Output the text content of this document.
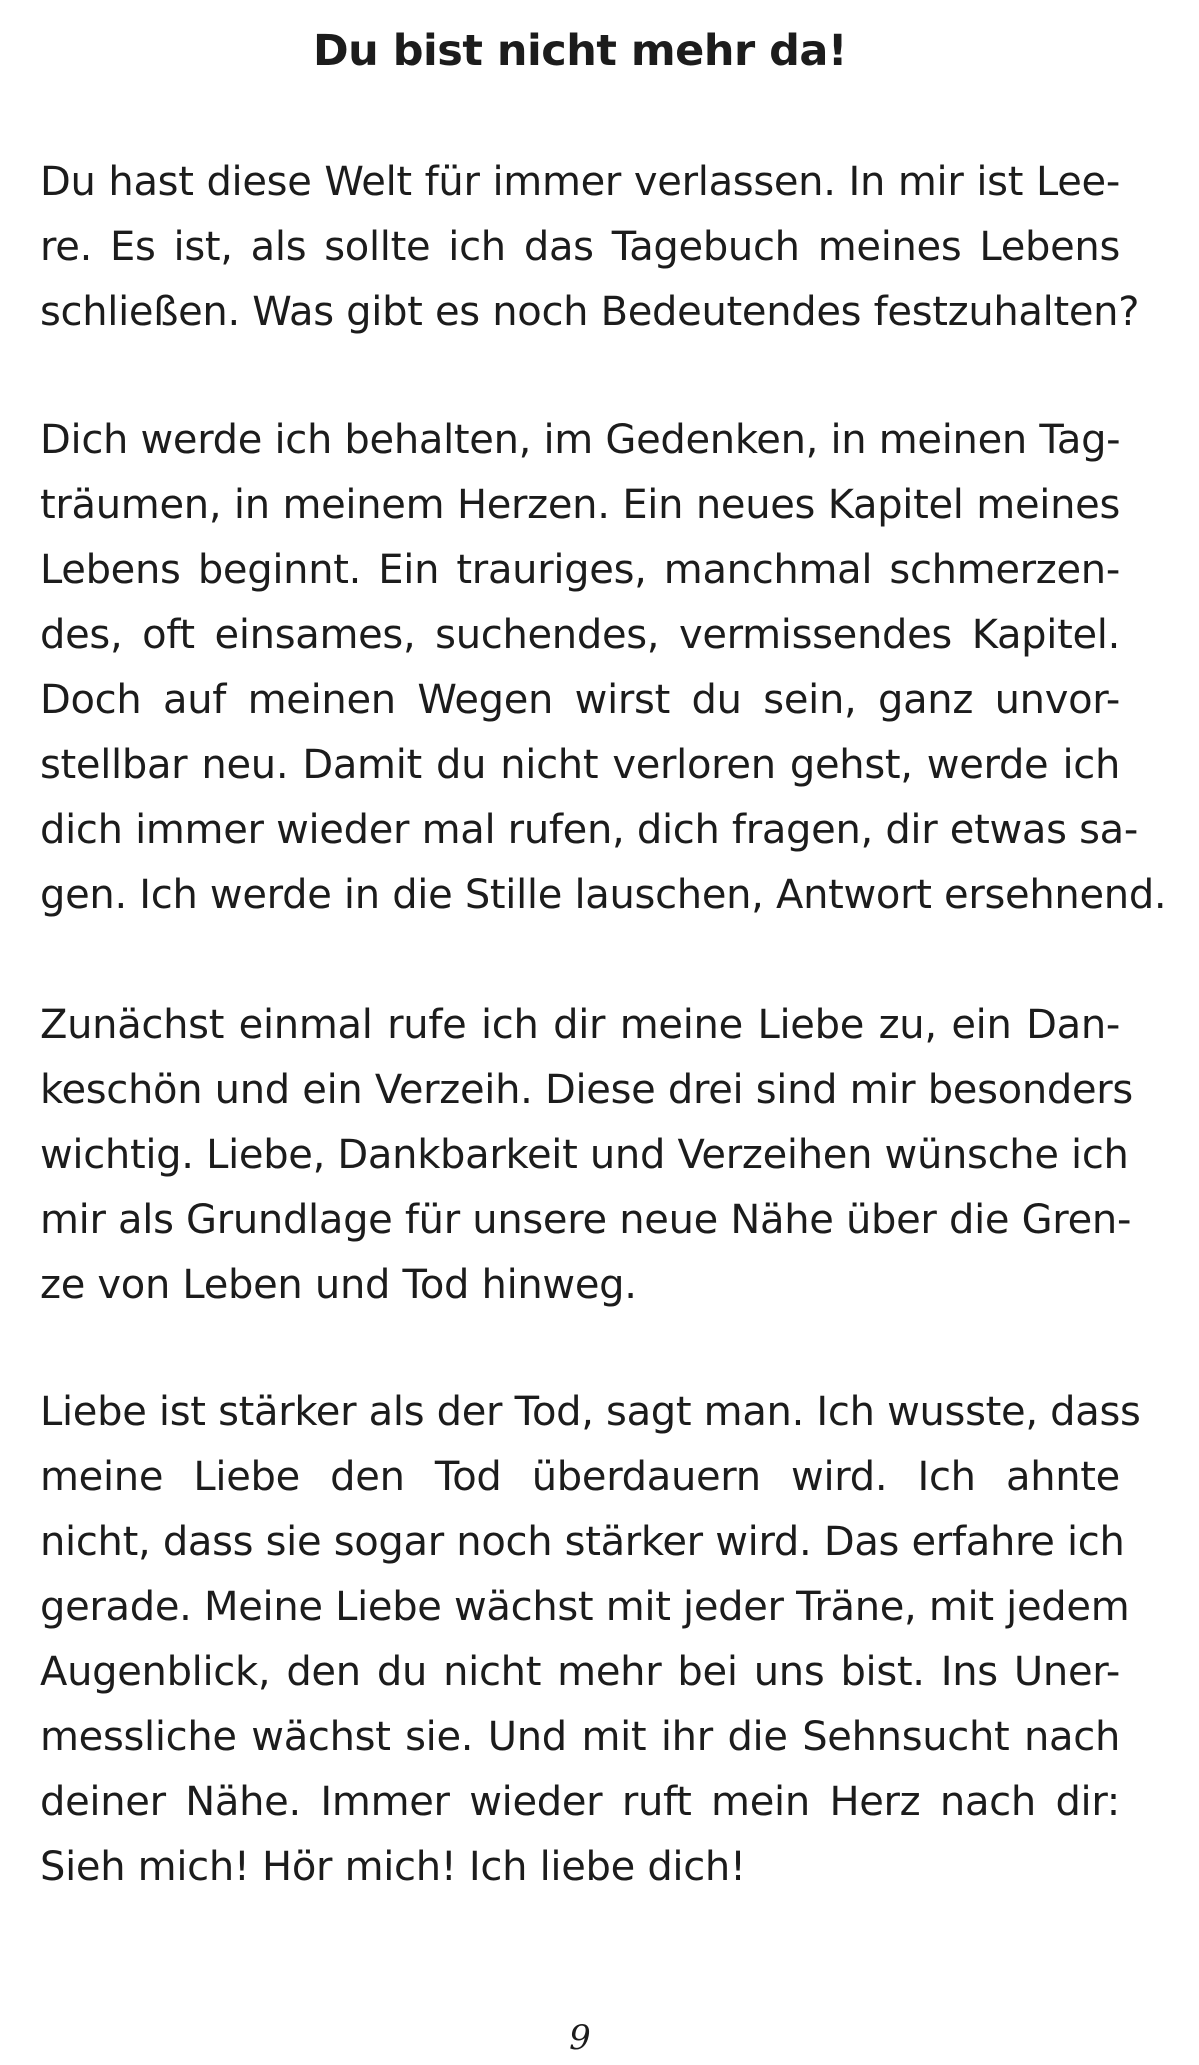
Du bist nicht mehr da!
Du hast diese Welt für immer verlassen. In mir ist Lee-
re. Es ist, als sollte ich das Tagebuch meines Lebens
schließen. Was gibt es noch Bedeutendes festzuhalten?
Dich werde ich behalten, im Gedenken, in meinen Tag-
träumen, in meinem Herzen. Ein neues Kapitel meines
Lebens beginnt. Ein trauriges, manchmal schmerzen-
des, oft einsames, suchendes, vermissendes Kapitel.
Doch auf meinen Wegen wirst du sein, ganz unvor-
stellbar neu. Damit du nicht verloren gehst, werde ich
dich immer wieder mal rufen, dich fragen, dir etwas sa-
gen. Ich werde in die Stille lauschen, Antwort ersehnend.
Zunächst einmal rufe ich dir meine Liebe zu, ein Dan-
keschön und ein Verzeih. Diese drei sind mir besonders
wichtig. Liebe, Dankbarkeit und Verzeihen wünsche ich
mir als Grundlage für unsere neue Nähe über die Gren-
ze von Leben und Tod hinweg.
Liebe ist stärker als der Tod, sagt man. Ich wusste, dass
meine Liebe den Tod überdauern wird. Ich ahnte
nicht, dass sie sogar noch stärker wird. Das erfahre ich
gerade. Meine Liebe wächst mit jeder Träne, mit jedem
Augenblick, den du nicht mehr bei uns bist. Ins Uner-
messliche wächst sie. Und mit ihr die Sehnsucht nach
deiner Nähe. Immer wieder ruft mein Herz nach dir:
Sieh mich! Hör mich! Ich liebe dich!
9
